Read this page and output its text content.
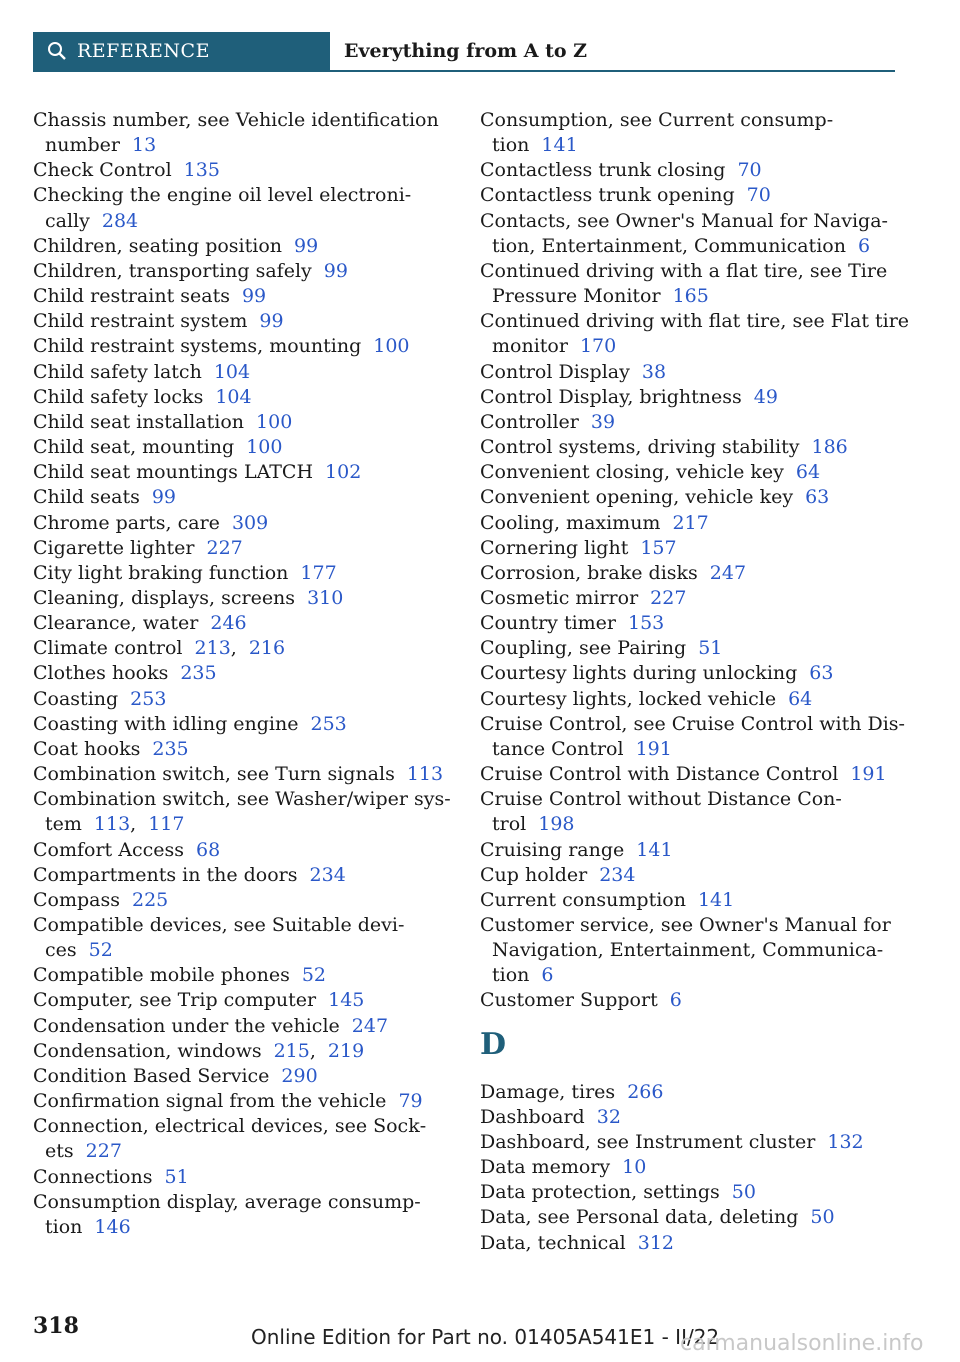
REFERENCE	Everything from A to Z
Chassis number, see Vehicle identification number 13
Check Control 135
Checking the engine oil level electroni‐cally 284
Children, seating position 99
Children, transporting safely 99
Child restraint seats 99
Child restraint system 99
Child restraint systems, mounting 100
Child safety latch 104
Child safety locks 104
Child seat installation 100
Child seat, mounting 100
Child seat mountings LATCH 102
Child seats 99
Chrome parts, care 309
Cigarette lighter 227
City light braking function 177
Cleaning, displays, screens 310
Clearance, water 246
Climate control 213, 216
Clothes hooks 235
Coasting 253
Coasting with idling engine 253
Coat hooks 235
Combination switch, see Turn signals 113
Combination switch, see Washer/wiper sys‐tem 113, 117
Comfort Access 68
Compartments in the doors 234
Compass 225
Compatible devices, see Suitable devi‐ces 52
Compatible mobile phones 52
Computer, see Trip computer 145
Condensation under the vehicle 247
Condensation, windows 215, 219
Condition Based Service 290
Confirmation signal from the vehicle 79
Connection, electrical devices, see Sock‐ets 227
Connections 51
Consumption display, average consump‐tion 146
Consumption, see Current consump‐tion 141
Contactless trunk closing 70
Contactless trunk opening 70
Contacts, see Owner's Manual for Naviga‐tion, Entertainment, Communication 6
Continued driving with a flat tire, see Tire Pressure Monitor 165
Continued driving with flat tire, see Flat tire monitor 170
Control Display 38
Control Display, brightness 49
Controller 39
Control systems, driving stability 186
Convenient closing, vehicle key 64
Convenient opening, vehicle key 63
Cooling, maximum 217
Cornering light 157
Corrosion, brake disks 247
Cosmetic mirror 227
Country timer 153
Coupling, see Pairing 51
Courtesy lights during unlocking 63
Courtesy lights, locked vehicle 64
Cruise Control, see Cruise Control with Dis‐tance Control 191
Cruise Control with Distance Control 191
Cruise Control without Distance Con‐trol 198
Cruising range 141
Cup holder 234
Current consumption 141
Customer service, see Owner's Manual for Navigation, Entertainment, Communica‐tion 6
Customer Support 6
D
Damage, tires 266
Dashboard 32
Dashboard, see Instrument cluster 132
Data memory 10
Data protection, settings 50
Data, see Personal data, deleting 50
Data, technical 312
318	Online Edition for Part no. 01405A541E1 - II/22
carmanualsonline.info
